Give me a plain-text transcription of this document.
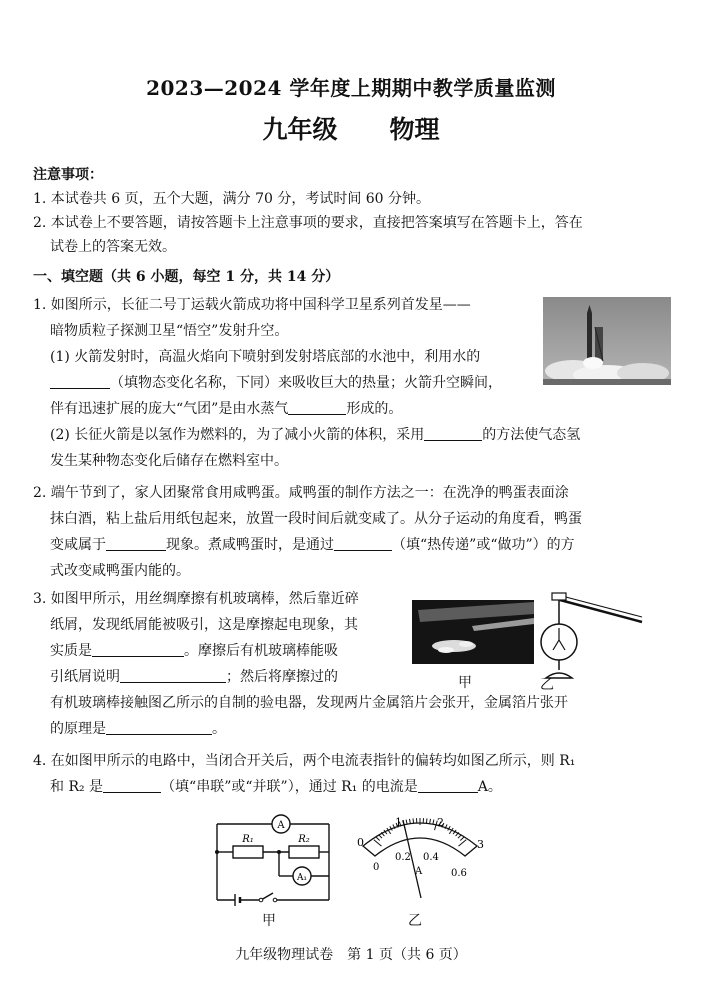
2023—2024 学年度上期期中教学质量监测
九年级 物理
注意事项：
1. 本试卷共 6 页，五个大题，满分 70 分，考试时间 60 分钟。
2. 本试卷上不要答题，请按答题卡上注意事项的要求，直接把答案填写在答题卡上，答在
试卷上的答案无效。
一、填空题（共 6 小题，每空 1 分，共 14 分）
1. 如图所示，长征二号丁运载火箭成功将中国科学卫星系列首发星——
暗物质粒子探测卫星“悟空”发射升空。
(1) 火箭发射时，高温火焰向下喷射到发射塔底部的水池中，利用水的
（填物态变化名称，下同）来吸收巨大的热量；火箭升空瞬间，
伴有迅速扩展的庞大“气团”是由水蒸气	形成的。
(2) 长征火箭是以氢作为燃料的，为了减小火箭的体积，采用	的方法使气态氢
发生某种物态变化后储存在燃料室中。
2. 端午节到了，家人团聚常食用咸鸭蛋。咸鸭蛋的制作方法之一：在洗净的鸭蛋表面涂
抹白酒，粘上盐后用纸包起来，放置一段时间后就变咸了。从分子运动的角度看，鸭蛋
变咸属于	现象。煮咸鸭蛋时，是通过	（填“热传递”或“做功”）的方
式改变咸鸭蛋内能的。
3. 如图甲所示，用丝绸摩擦有机玻璃棒，然后靠近碎
纸屑，发现纸屑能被吸引，这是摩擦起电现象，其
实质是	。摩擦后有机玻璃棒能吸
引纸屑说明	；然后将摩擦过的
有机玻璃棒接触图乙所示的自制的验电器，发现两片金属箔片会张开，金属箔片张开
的原理是	。
甲	乙
4. 在如图甲所示的电路中，当闭合开关后，两个电流表指针的偏转均如图乙所示，则 R₁
和 R₂ 是	（填“串联”或“并联”），通过 R₁ 的电流是	A。
A
A₁
R₁	R₂
甲
0
1	2
3
0
0.2 0.4
0.6
A
乙
九年级物理试卷　第 1 页（共 6 页）
